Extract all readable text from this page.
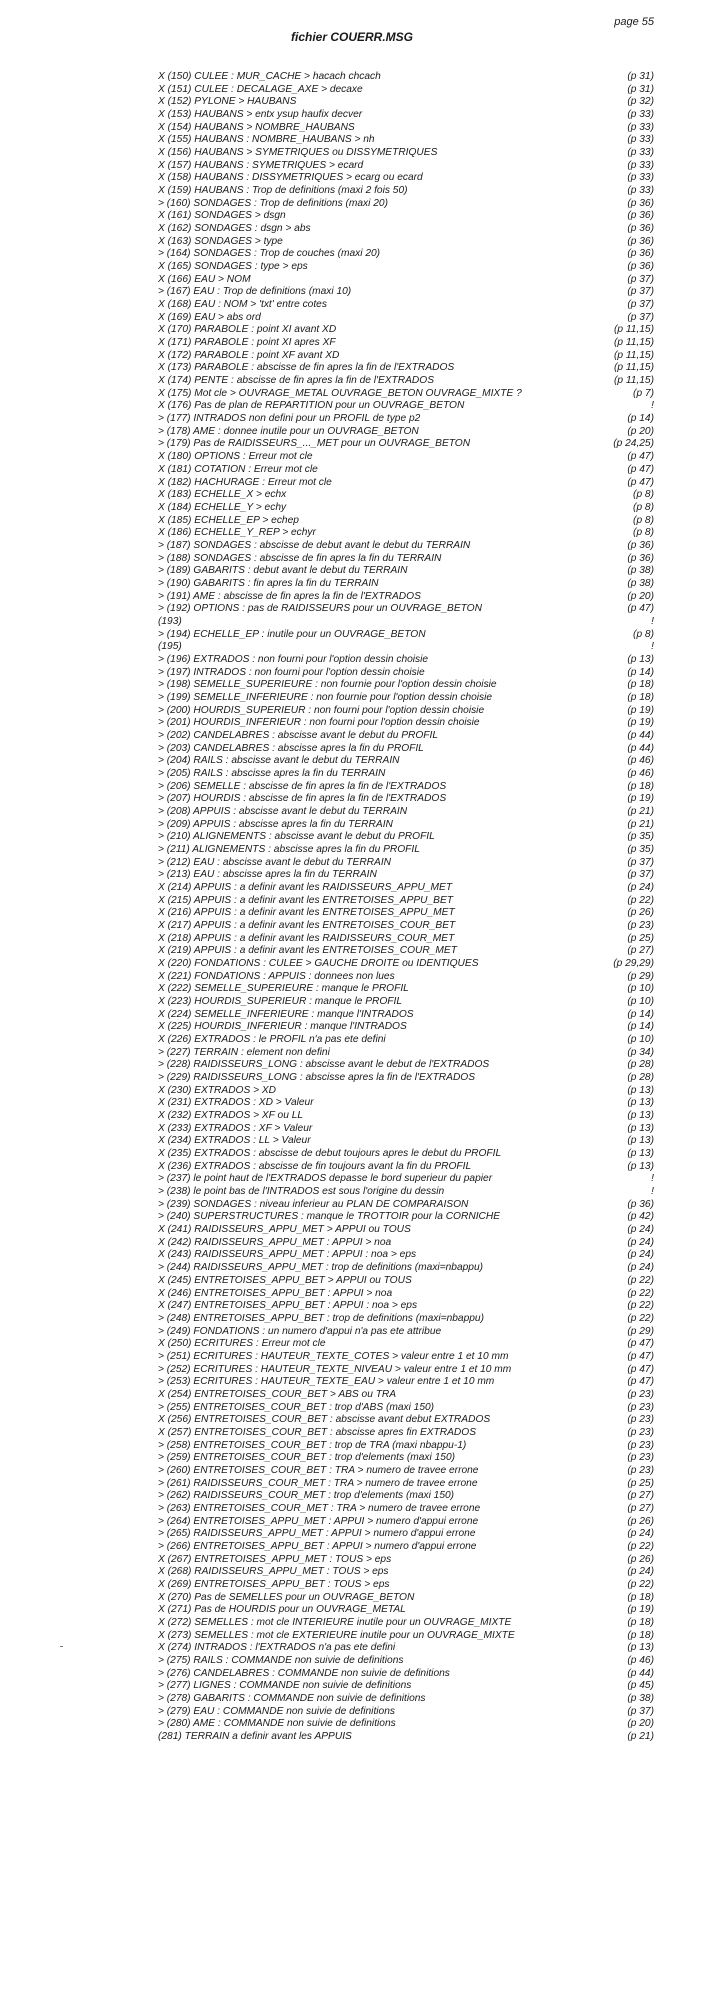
page 55
fichier COUERR.MSG
X (150) CULEE : MUR_CACHE > hacach chcach	(p 31)
X (151) CULEE : DECALAGE_AXE > decaxe	(p 31)
X (152) PYLONE > HAUBANS	(p 32)
X (153) HAUBANS > entx ysup haufix decver	(p 33)
X (154) HAUBANS > NOMBRE_HAUBANS	(p 33)
X (155) HAUBANS : NOMBRE_HAUBANS > nh	(p 33)
X (156) HAUBANS > SYMETRIQUES ou DISSYMETRIQUES	(p 33)
X (157) HAUBANS : SYMETRIQUES > ecard	(p 33)
X (158) HAUBANS : DISSYMETRIQUES > ecarg ou ecard	(p 33)
X (159) HAUBANS : Trop de definitions (maxi 2 fois 50)	(p 33)
> (160) SONDAGES : Trop de definitions (maxi 20)	(p 36)
X (161) SONDAGES > dsgn	(p 36)
X (162) SONDAGES : dsgn > abs	(p 36)
X (163) SONDAGES > type	(p 36)
> (164) SONDAGES : Trop de couches (maxi 20)	(p 36)
X (165) SONDAGES : type > eps	(p 36)
X (166) EAU > NOM	(p 37)
> (167) EAU : Trop de definitions (maxi 10)	(p 37)
X (168) EAU : NOM > 'txt' entre cotes	(p 37)
X (169) EAU > abs ord	(p 37)
X (170) PARABOLE : point XI avant XD	(p 11,15)
X (171) PARABOLE : point XI apres XF	(p 11,15)
X (172) PARABOLE : point XF avant XD	(p 11,15)
X (173) PARABOLE : abscisse de fin apres la fin de l'EXTRADOS	(p 11,15)
X (174) PENTE : abscisse de fin apres la fin de l'EXTRADOS	(p 11,15)
X (175) Mot cle > OUVRAGE_METAL OUVRAGE_BETON OUVRAGE_MIXTE ?	(p 7)
X (176) Pas de plan de REPARTITION pour un OUVRAGE_BETON	!
> (177) INTRADOS non defini pour un PROFIL de type p2	(p 14)
> (178) AME : donnee inutile pour un OUVRAGE_BETON	(p 20)
> (179) Pas de RAIDISSEURS_..._MET pour un OUVRAGE_BETON	(p 24,25)
X (180) OPTIONS : Erreur mot cle	(p 47)
X (181) COTATION : Erreur mot cle	(p 47)
X (182) HACHURAGE : Erreur mot cle	(p 47)
X (183) ECHELLE_X > echx	(p 8)
X (184) ECHELLE_Y > echy	(p 8)
X (185) ECHELLE_EP > echep	(p 8)
X (186) ECHELLE_Y_REP > echyr	(p 8)
> (187) SONDAGES : abscisse de debut avant le debut du TERRAIN	(p 36)
> (188) SONDAGES : abscisse de fin apres la fin du TERRAIN	(p 36)
> (189) GABARITS : debut avant le debut du TERRAIN	(p 38)
> (190) GABARITS : fin apres la fin du TERRAIN	(p 38)
> (191) AME : abscisse de fin apres la fin de l'EXTRADOS	(p 20)
> (192) OPTIONS : pas de RAIDISSEURS pour un OUVRAGE_BETON	(p 47)
(193)	!
> (194) ECHELLE_EP : inutile pour un OUVRAGE_BETON	(p 8)
(195)	!
> (196) EXTRADOS : non fourni pour l'option dessin choisie	(p 13)
> (197) INTRADOS : non fourni pour l'option dessin choisie	(p 14)
> (198) SEMELLE_SUPERIEURE : non fournie pour l'option dessin choisie	(p 18)
> (199) SEMELLE_INFERIEURE : non fournie pour l'option dessin choisie	(p 18)
> (200) HOURDIS_SUPERIEUR : non fourni pour l'option dessin choisie	(p 19)
> (201) HOURDIS_INFERIEUR : non fourni pour l'option dessin choisie	(p 19)
> (202) CANDELABRES : abscisse avant le debut du PROFIL	(p 44)
> (203) CANDELABRES : abscisse apres la fin du PROFIL	(p 44)
> (204) RAILS : abscisse avant le debut du TERRAIN	(p 46)
> (205) RAILS : abscisse apres la fin du TERRAIN	(p 46)
> (206) SEMELLE : abscisse de fin apres la fin de l'EXTRADOS	(p 18)
> (207) HOURDIS : abscisse de fin apres la fin de l'EXTRADOS	(p 19)
> (208) APPUIS : abscisse avant le debut du TERRAIN	(p 21)
> (209) APPUIS : abscisse apres la fin du TERRAIN	(p 21)
> (210) ALIGNEMENTS : abscisse avant le debut du PROFIL	(p 35)
> (211) ALIGNEMENTS : abscisse apres la fin du PROFIL	(p 35)
> (212) EAU : abscisse avant le debut du TERRAIN	(p 37)
> (213) EAU : abscisse apres la fin du TERRAIN	(p 37)
X (214) APPUIS : a definir avant les RAIDISSEURS_APPU_MET	(p 24)
X (215) APPUIS : a definir avant les ENTRETOISES_APPU_BET	(p 22)
X (216) APPUIS : a definir avant les ENTRETOISES_APPU_MET	(p 26)
X (217) APPUIS : a definir avant les ENTRETOISES_COUR_BET	(p 23)
X (218) APPUIS : a definir avant les RAIDISSEURS_COUR_MET	(p 25)
X (219) APPUIS : a definir avant les ENTRETOISES_COUR_MET	(p 27)
X (220) FONDATIONS : CULEE > GAUCHE DROITE ou IDENTIQUES	(p 29,29)
X (221) FONDATIONS : APPUIS : donnees non lues	(p 29)
X (222) SEMELLE_SUPERIEURE : manque le PROFIL	(p 10)
X (223) HOURDIS_SUPERIEUR : manque le PROFIL	(p 10)
X (224) SEMELLE_INFERIEURE : manque l'INTRADOS	(p 14)
X (225) HOURDIS_INFERIEUR : manque l'INTRADOS	(p 14)
X (226) EXTRADOS : le PROFIL n'a pas ete defini	(p 10)
> (227) TERRAIN : element non defini	(p 34)
> (228) RAIDISSEURS_LONG : abscisse avant le debut de l'EXTRADOS	(p 28)
> (229) RAIDISSEURS_LONG : abscisse apres la fin de l'EXTRADOS	(p 28)
X (230) EXTRADOS > XD	(p 13)
X (231) EXTRADOS : XD > Valeur	(p 13)
X (232) EXTRADOS > XF ou LL	(p 13)
X (233) EXTRADOS : XF > Valeur	(p 13)
X (234) EXTRADOS : LL > Valeur	(p 13)
X (235) EXTRADOS : abscisse de debut toujours apres le debut du PROFIL	(p 13)
X (236) EXTRADOS : abscisse de fin toujours avant la fin du PROFIL	(p 13)
> (237) le point haut de l'EXTRADOS depasse le bord superieur du papier	!
> (238) le point bas de l'INTRADOS est sous l'origine du dessin	!
> (239) SONDAGES : niveau inferieur au PLAN DE COMPARAISON	(p 36)
> (240) SUPERSTRUCTURES : manque le TROTTOIR pour la CORNICHE	(p 42)
X (241) RAIDISSEURS_APPU_MET > APPUI ou TOUS	(p 24)
X (242) RAIDISSEURS_APPU_MET : APPUI > noa	(p 24)
X (243) RAIDISSEURS_APPU_MET : APPUI : noa > eps	(p 24)
> (244) RAIDISSEURS_APPU_MET : trop de definitions (maxi=nbappu)	(p 24)
X (245) ENTRETOISES_APPU_BET > APPUI ou TOUS	(p 22)
X (246) ENTRETOISES_APPU_BET : APPUI > noa	(p 22)
X (247) ENTRETOISES_APPU_BET : APPUI : noa > eps	(p 22)
> (248) ENTRETOISES_APPU_BET : trop de definitions (maxi=nbappu)	(p 22)
> (249) FONDATIONS : un numero d'appui n'a pas ete attribue	(p 29)
X (250) ECRITURES : Erreur mot cle	(p 47)
> (251) ECRITURES : HAUTEUR_TEXTE_COTES > valeur entre 1 et 10 mm	(p 47)
> (252) ECRITURES : HAUTEUR_TEXTE_NIVEAU > valeur entre 1 et 10 mm	(p 47)
> (253) ECRITURES : HAUTEUR_TEXTE_EAU > valeur entre 1 et 10 mm	(p 47)
X (254) ENTRETOISES_COUR_BET > ABS ou TRA	(p 23)
> (255) ENTRETOISES_COUR_BET : trop d'ABS (maxi 150)	(p 23)
X (256) ENTRETOISES_COUR_BET : abscisse avant debut EXTRADOS	(p 23)
X (257) ENTRETOISES_COUR_BET : abscisse apres fin EXTRADOS	(p 23)
> (258) ENTRETOISES_COUR_BET : trop de TRA (maxi nbappu-1)	(p 23)
> (259) ENTRETOISES_COUR_BET : trop d'elements (maxi 150)	(p 23)
> (260) ENTRETOISES_COUR_BET : TRA > numero de travee errone	(p 23)
> (261) RAIDISSEURS_COUR_MET : TRA > numero de travee errone	(p 25)
> (262) RAIDISSEURS_COUR_MET : trop d'elements (maxi 150)	(p 27)
> (263) ENTRETOISES_COUR_MET : TRA > numero de travee errone	(p 27)
> (264) ENTRETOISES_APPU_MET : APPUI > numero d'appui errone	(p 26)
> (265) RAIDISSEURS_APPU_MET : APPUI > numero d'appui errone	(p 24)
> (266) ENTRETOISES_APPU_BET : APPUI > numero d'appui errone	(p 22)
X (267) ENTRETOISES_APPU_MET : TOUS > eps	(p 26)
X (268) RAIDISSEURS_APPU_MET : TOUS > eps	(p 24)
X (269) ENTRETOISES_APPU_BET : TOUS > eps	(p 22)
X (270) Pas de SEMELLES pour un OUVRAGE_BETON	(p 18)
X (271) Pas de HOURDIS pour un OUVRAGE_METAL	(p 19)
X (272) SEMELLES : mot cle INTERIEURE inutile pour un OUVRAGE_MIXTE	(p 18)
X (273) SEMELLES : mot cle EXTERIEURE inutile pour un OUVRAGE_MIXTE	(p 18)
X (274) INTRADOS : l'EXTRADOS n'a pas ete defini	(p 13)
> (275) RAILS : COMMANDE non suivie de definitions	(p 46)
> (276) CANDELABRES : COMMANDE non suivie de definitions	(p 44)
> (277) LIGNES : COMMANDE non suivie de definitions	(p 45)
> (278) GABARITS : COMMANDE non suivie de definitions	(p 38)
> (279) EAU : COMMANDE non suivie de definitions	(p 37)
> (280) AME : COMMANDE non suivie de definitions	(p 20)
(281) TERRAIN a definir avant les APPUIS	(p 21)
